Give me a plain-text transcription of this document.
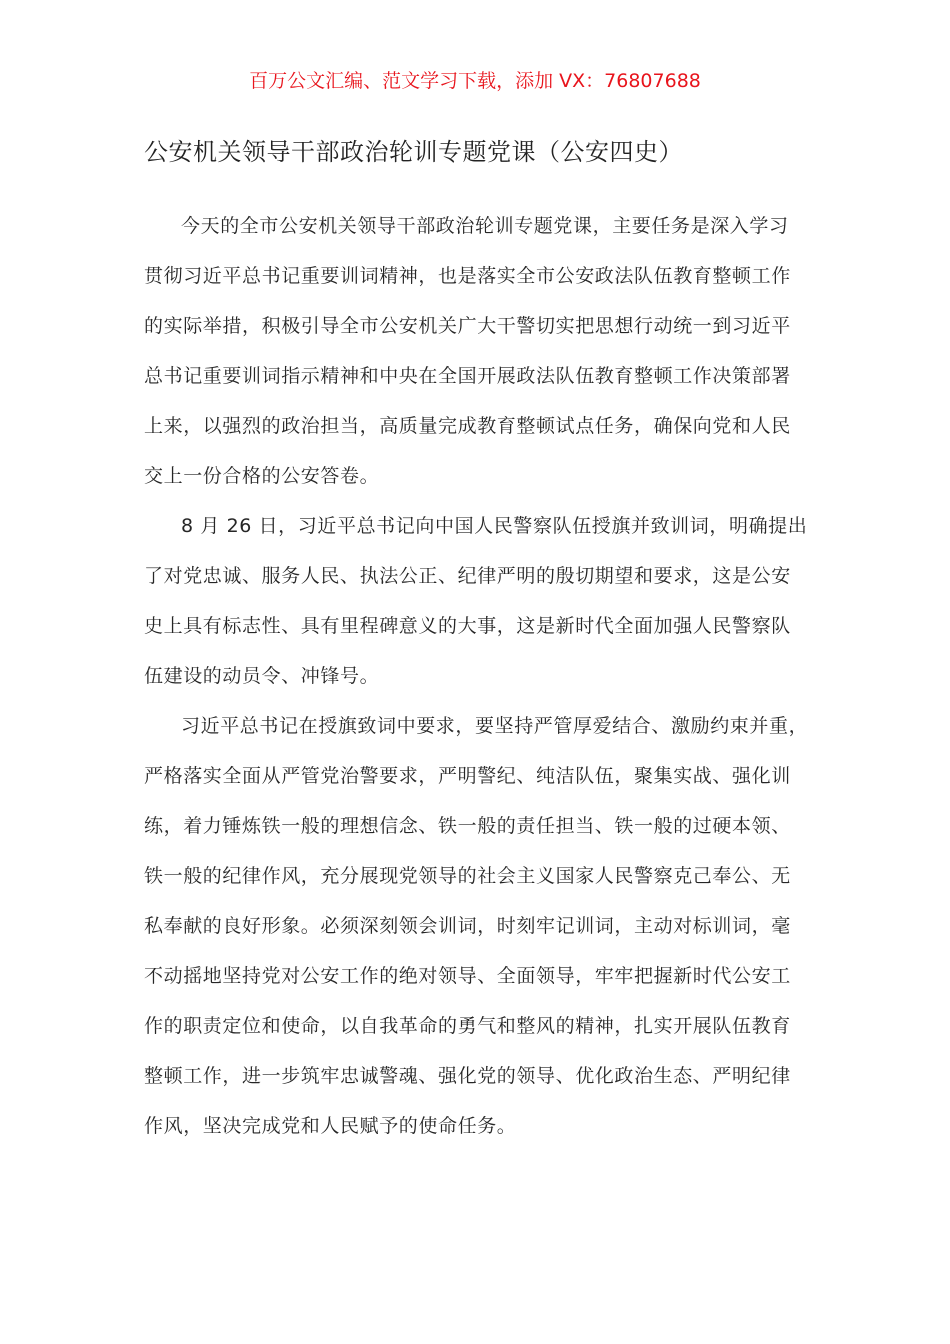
百万公文汇编、范文学习下载，添加 VX：76807688
公安机关领导干部政治轮训专题党课（公安四史）
今天的全市公安机关领导干部政治轮训专题党课，主要任务是深入学习
贯彻习近平总书记重要训词精神，也是落实全市公安政法队伍教育整顿工作
的实际举措，积极引导全市公安机关广大干警切实把思想行动统一到习近平
总书记重要训词指示精神和中央在全国开展政法队伍教育整顿工作决策部署
上来，以强烈的政治担当，高质量完成教育整顿试点任务，确保向党和人民
交上一份合格的公安答卷。
8 月 26 日，习近平总书记向中国人民警察队伍授旗并致训词，明确提出
了对党忠诚、服务人民、执法公正、纪律严明的殷切期望和要求，这是公安
史上具有标志性、具有里程碑意义的大事，这是新时代全面加强人民警察队
伍建设的动员令、冲锋号。
习近平总书记在授旗致词中要求，要坚持严管厚爱结合、激励约束并重，
严格落实全面从严管党治警要求，严明警纪、纯洁队伍，聚集实战、强化训
练，着力锤炼铁一般的理想信念、铁一般的责任担当、铁一般的过硬本领、
铁一般的纪律作风，充分展现党领导的社会主义国家人民警察克己奉公、无
私奉献的良好形象。必须深刻领会训词，时刻牢记训词，主动对标训词，毫
不动摇地坚持党对公安工作的绝对领导、全面领导，牢牢把握新时代公安工
作的职责定位和使命，以自我革命的勇气和整风的精神，扎实开展队伍教育
整顿工作，进一步筑牢忠诚警魂、强化党的领导、优化政治生态、严明纪律
作风，坚决完成党和人民赋予的使命任务。
